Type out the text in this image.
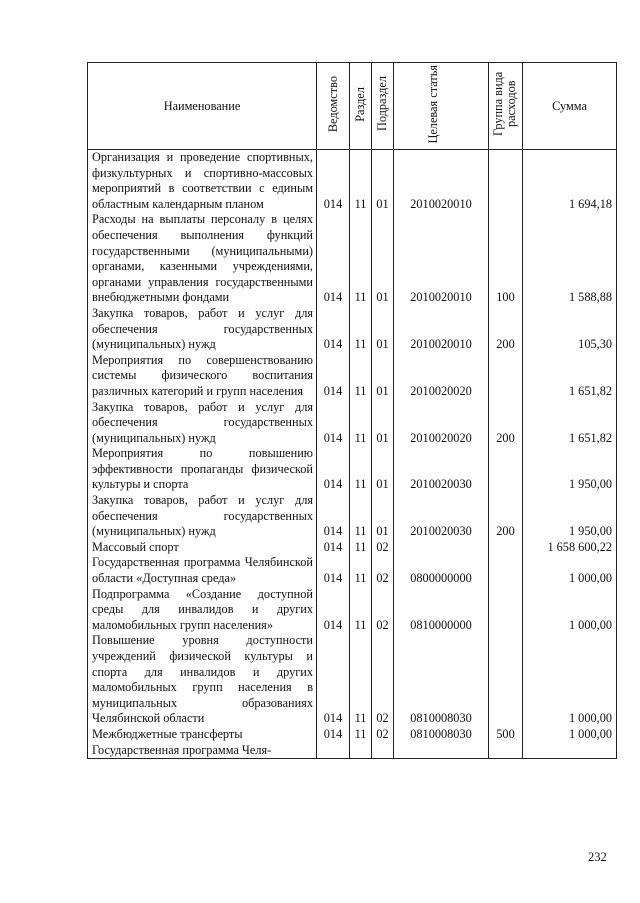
Наименование	Ведомство	Раздел	Подраздел	Целевая статья	Группа вида расходов	Сумма
Организация и проведение спортивных, физкультурных и спортивно-массовых мероприятий в соответствии с единым областным календарным планом	014	11	01	2010020010		1 694,18
Расходы на выплаты персоналу в целях обеспечения выполнения функций государственными (муниципальными) органами, казенными учреждениями, органами управления государственными внебюджетными фондами	014	11	01	2010020010	100	1 588,88
Закупка товаров, работ и услуг для обеспечения государственных (муниципальных) нужд	014	11	01	2010020010	200	105,30
Мероприятия по совершенствованию системы физического воспитания различных категорий и групп населения	014	11	01	2010020020		1 651,82
Закупка товаров, работ и услуг для обеспечения государственных (муниципальных) нужд	014	11	01	2010020020	200	1 651,82
Мероприятия по повышению эффективности пропаганды физической культуры и спорта	014	11	01	2010020030		1 950,00
Закупка товаров, работ и услуг для обеспечения государственных (муниципальных) нужд	014	11	01	2010020030	200	1 950,00
Массовый спорт	014	11	02			1 658 600,22
Государственная программа Челябинской области «Доступная среда»	014	11	02	0800000000		1 000,00
Подпрограмма «Создание доступной среды для инвалидов и других маломобильных групп населения»	014	11	02	0810000000		1 000,00
Повышение уровня доступности учреждений физической культуры и спорта для инвалидов и других маломобильных групп населения в муниципальных образованиях Челябинской области	014	11	02	0810008030		1 000,00
Межбюджетные трансферты	014	11	02	0810008030	500	1 000,00
Государственная программа Челя-						
232
